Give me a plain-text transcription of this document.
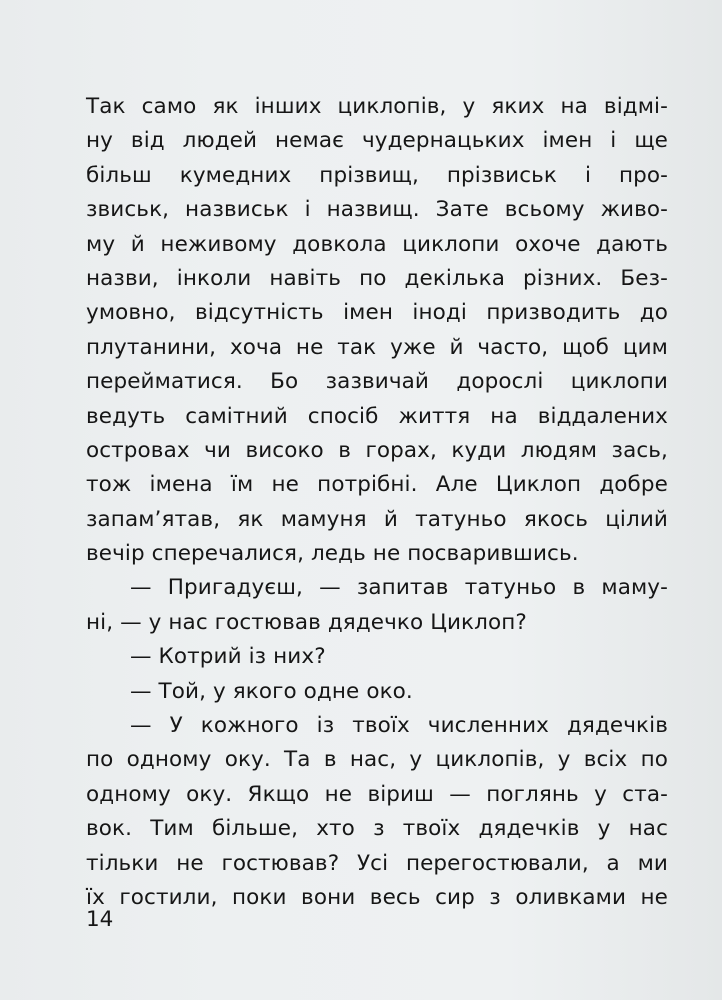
Так само як інших циклопів, у яких на відмі-
ну від людей немає чудернацьких імен і ще
більш кумедних прізвищ, прізвиськ і про-
звиськ, назвиськ і назвищ. Зате всьому живо-
му й неживому довкола циклопи охоче дають
назви, інколи навіть по декілька різних. Без-
умовно, відсутність імен іноді призводить до
плутанини, хоча не так уже й часто, щоб цим
перейматися. Бо зазвичай дорослі циклопи
ведуть самітний спосіб життя на віддалених
островах чи високо в горах, куди людям зась,
тож імена їм не потрібні. Але Циклоп добре
запам’ятав, як мамуня й татуньо якось цілий
вечір сперечалися, ледь не посварившись.
— Пригадуєш, — запитав татуньо в маму-
ні, — у нас гостював дядечко Циклоп?
— Котрий із них?
— Той, у якого одне око.
— У кожного із твоїх численних дядечків
по одному оку. Та в нас, у циклопів, у всіх по
одному оку. Якщо не віриш — поглянь у ста-
вок. Тим більше, хто з твоїх дядечків у нас
тільки не гостював? Усі перегостювали, а ми
їх гостили, поки вони весь сир з оливками не
14
